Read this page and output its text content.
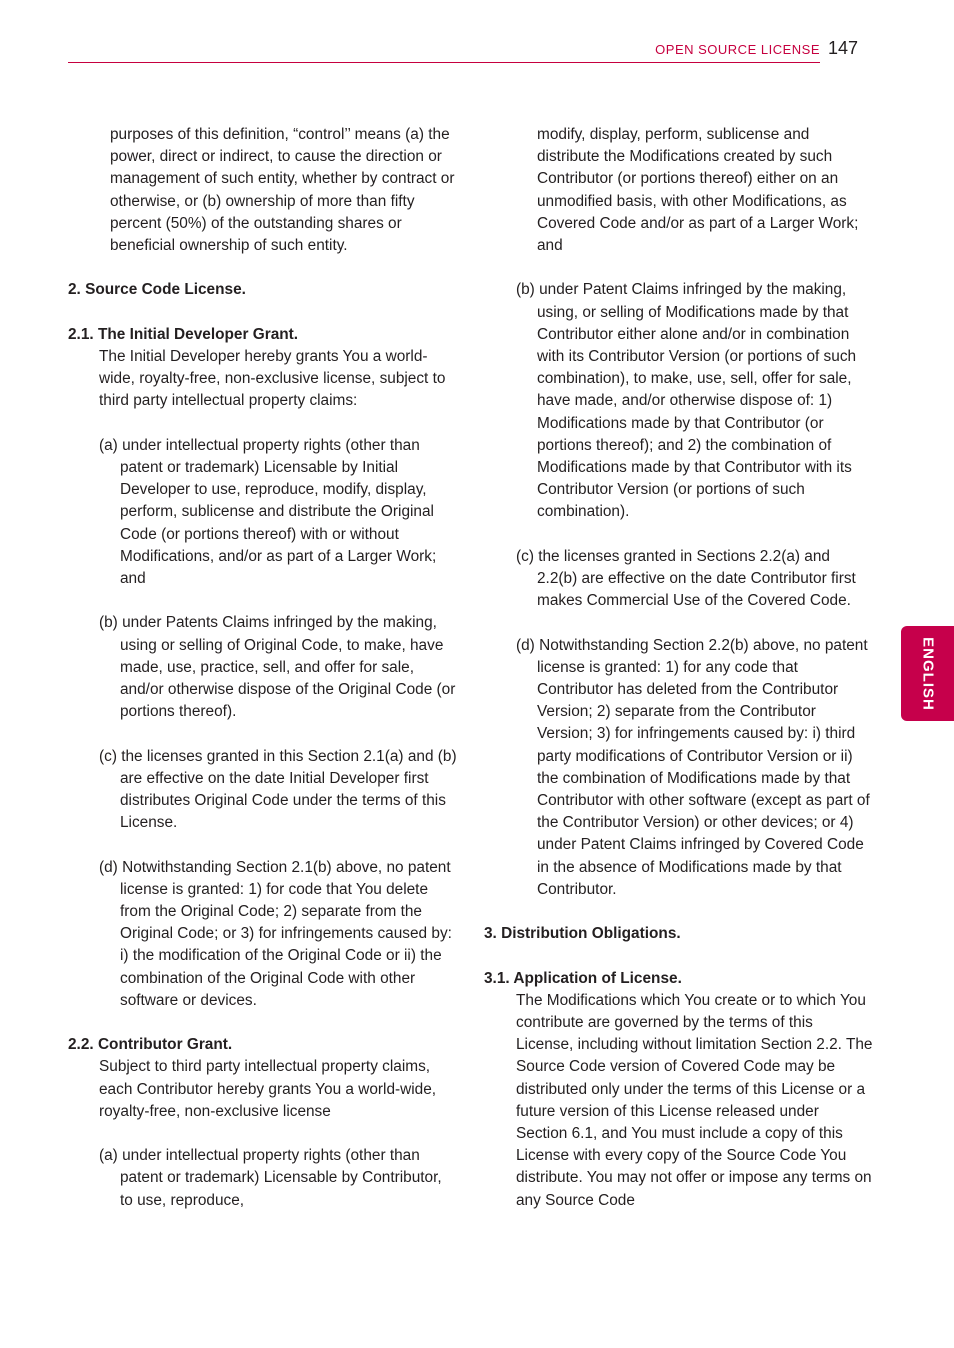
OPEN SOURCE LICENSE 147
ENGLISH

purposes of this definition, “control’’ means (a) the power, direct or indirect, to cause the direction or management of such entity, whether by contract or otherwise, or (b) ownership of more than fifty percent (50%) of the outstanding shares or beneficial ownership of such entity.

2. Source Code License.

2.1. The Initial Developer Grant.

The Initial Developer hereby grants You a world-wide, royalty-free, non-exclusive license, subject to third party intellectual property claims:

(a) under intellectual property rights (other than patent or trademark) Licensable by Initial Developer to use, reproduce, modify, display, perform, sublicense and distribute the Original Code (or portions thereof) with or without Modifications, and/or as part of a Larger Work; and

(b) under Patents Claims infringed by the making, using or selling of Original Code, to make, have made, use, practice, sell, and offer for sale, and/or otherwise dispose of the Original Code (or portions thereof).

(c) the licenses granted in this Section 2.1(a) and (b) are effective on the date Initial Developer first distributes Original Code under the terms of this License.

(d) Notwithstanding Section 2.1(b) above, no patent license is granted: 1) for code that You delete from the Original Code; 2) separate from the Original Code; or 3) for infringements caused by: i) the modification of the Original Code or ii) the combination of the Original Code with other software or devices.

2.2. Contributor Grant.

Subject to third party intellectual property claims, each Contributor hereby grants You a world-wide, royalty-free, non-exclusive license

(a) under intellectual property rights (other than patent or trademark) Licensable by Contributor, to use, reproduce,

modify, display, perform, sublicense and distribute the Modifications created by such Contributor (or portions thereof) either on an unmodified basis, with other Modifications, as Covered Code and/or as part of a Larger Work; and

(b) under Patent Claims infringed by the making, using, or selling of Modifications made by that Contributor either alone and/or in combination with its Contributor Version (or portions of such combination), to make, use, sell, offer for sale, have made, and/or otherwise dispose of: 1) Modifications made by that Contributor (or portions thereof); and 2) the combination of Modifications made by that Contributor with its Contributor Version (or portions of such combination).

(c) the licenses granted in Sections 2.2(a) and 2.2(b) are effective on the date Contributor first makes Commercial Use of the Covered Code.

(d) Notwithstanding Section 2.2(b) above, no patent license is granted: 1) for any code that Contributor has deleted from the Contributor Version; 2) separate from the Contributor Version; 3) for infringements caused by: i) third party modifications of Contributor Version or ii) the combination of Modifications made by that Contributor with other software (except as part of the Contributor Version) or other devices; or 4) under Patent Claims infringed by Covered Code in the absence of Modifications made by that Contributor.

3. Distribution Obligations.

3.1. Application of License.

The Modifications which You create or to which You contribute are governed by the terms of this License, including without limitation Section 2.2. The Source Code version of Covered Code may be distributed only under the terms of this License or a future version of this License released under Section 6.1, and You must include a copy of this License with every copy of the Source Code You distribute. You may not offer or impose any terms on any Source Code
